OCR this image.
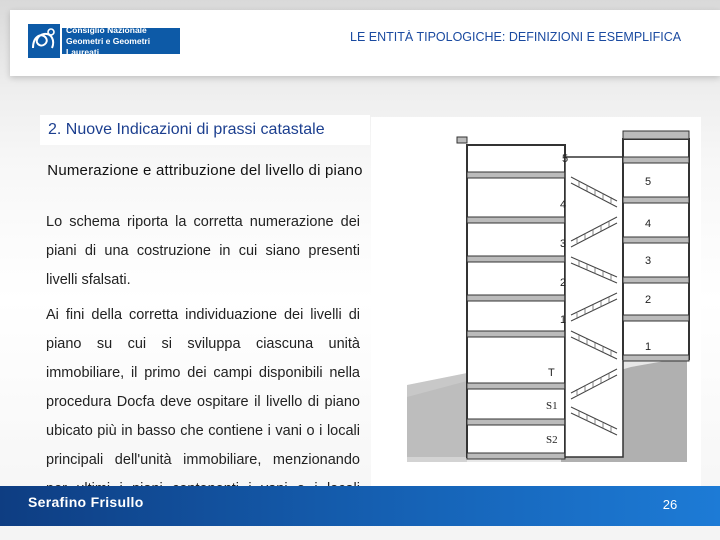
Consiglio Nazionale
Geometri e Geometri Laureati
LE ENTITÀ TIPOLOGICHE: DEFINIZIONI E ESEMPLIFICA
2. Nuove Indicazioni di prassi catastale
Numerazione e attribuzione del livello di piano

Lo schema riporta la corretta numerazione dei piani di una costruzione in cui siano presenti livelli sfalsati.

Ai fini della corretta individuazione dei livelli di piano su cui si sviluppa ciascuna unità immobiliare, il primo dei campi disponibili nella procedura Docfa deve ospitare il livello di piano ubicato più in basso che contiene i vani o i locali principali dell'unità immobiliare, menzionando

5
4
3
2
1
T
S1
S2
5
4
3
2
1
Serafino Frisullo	26
